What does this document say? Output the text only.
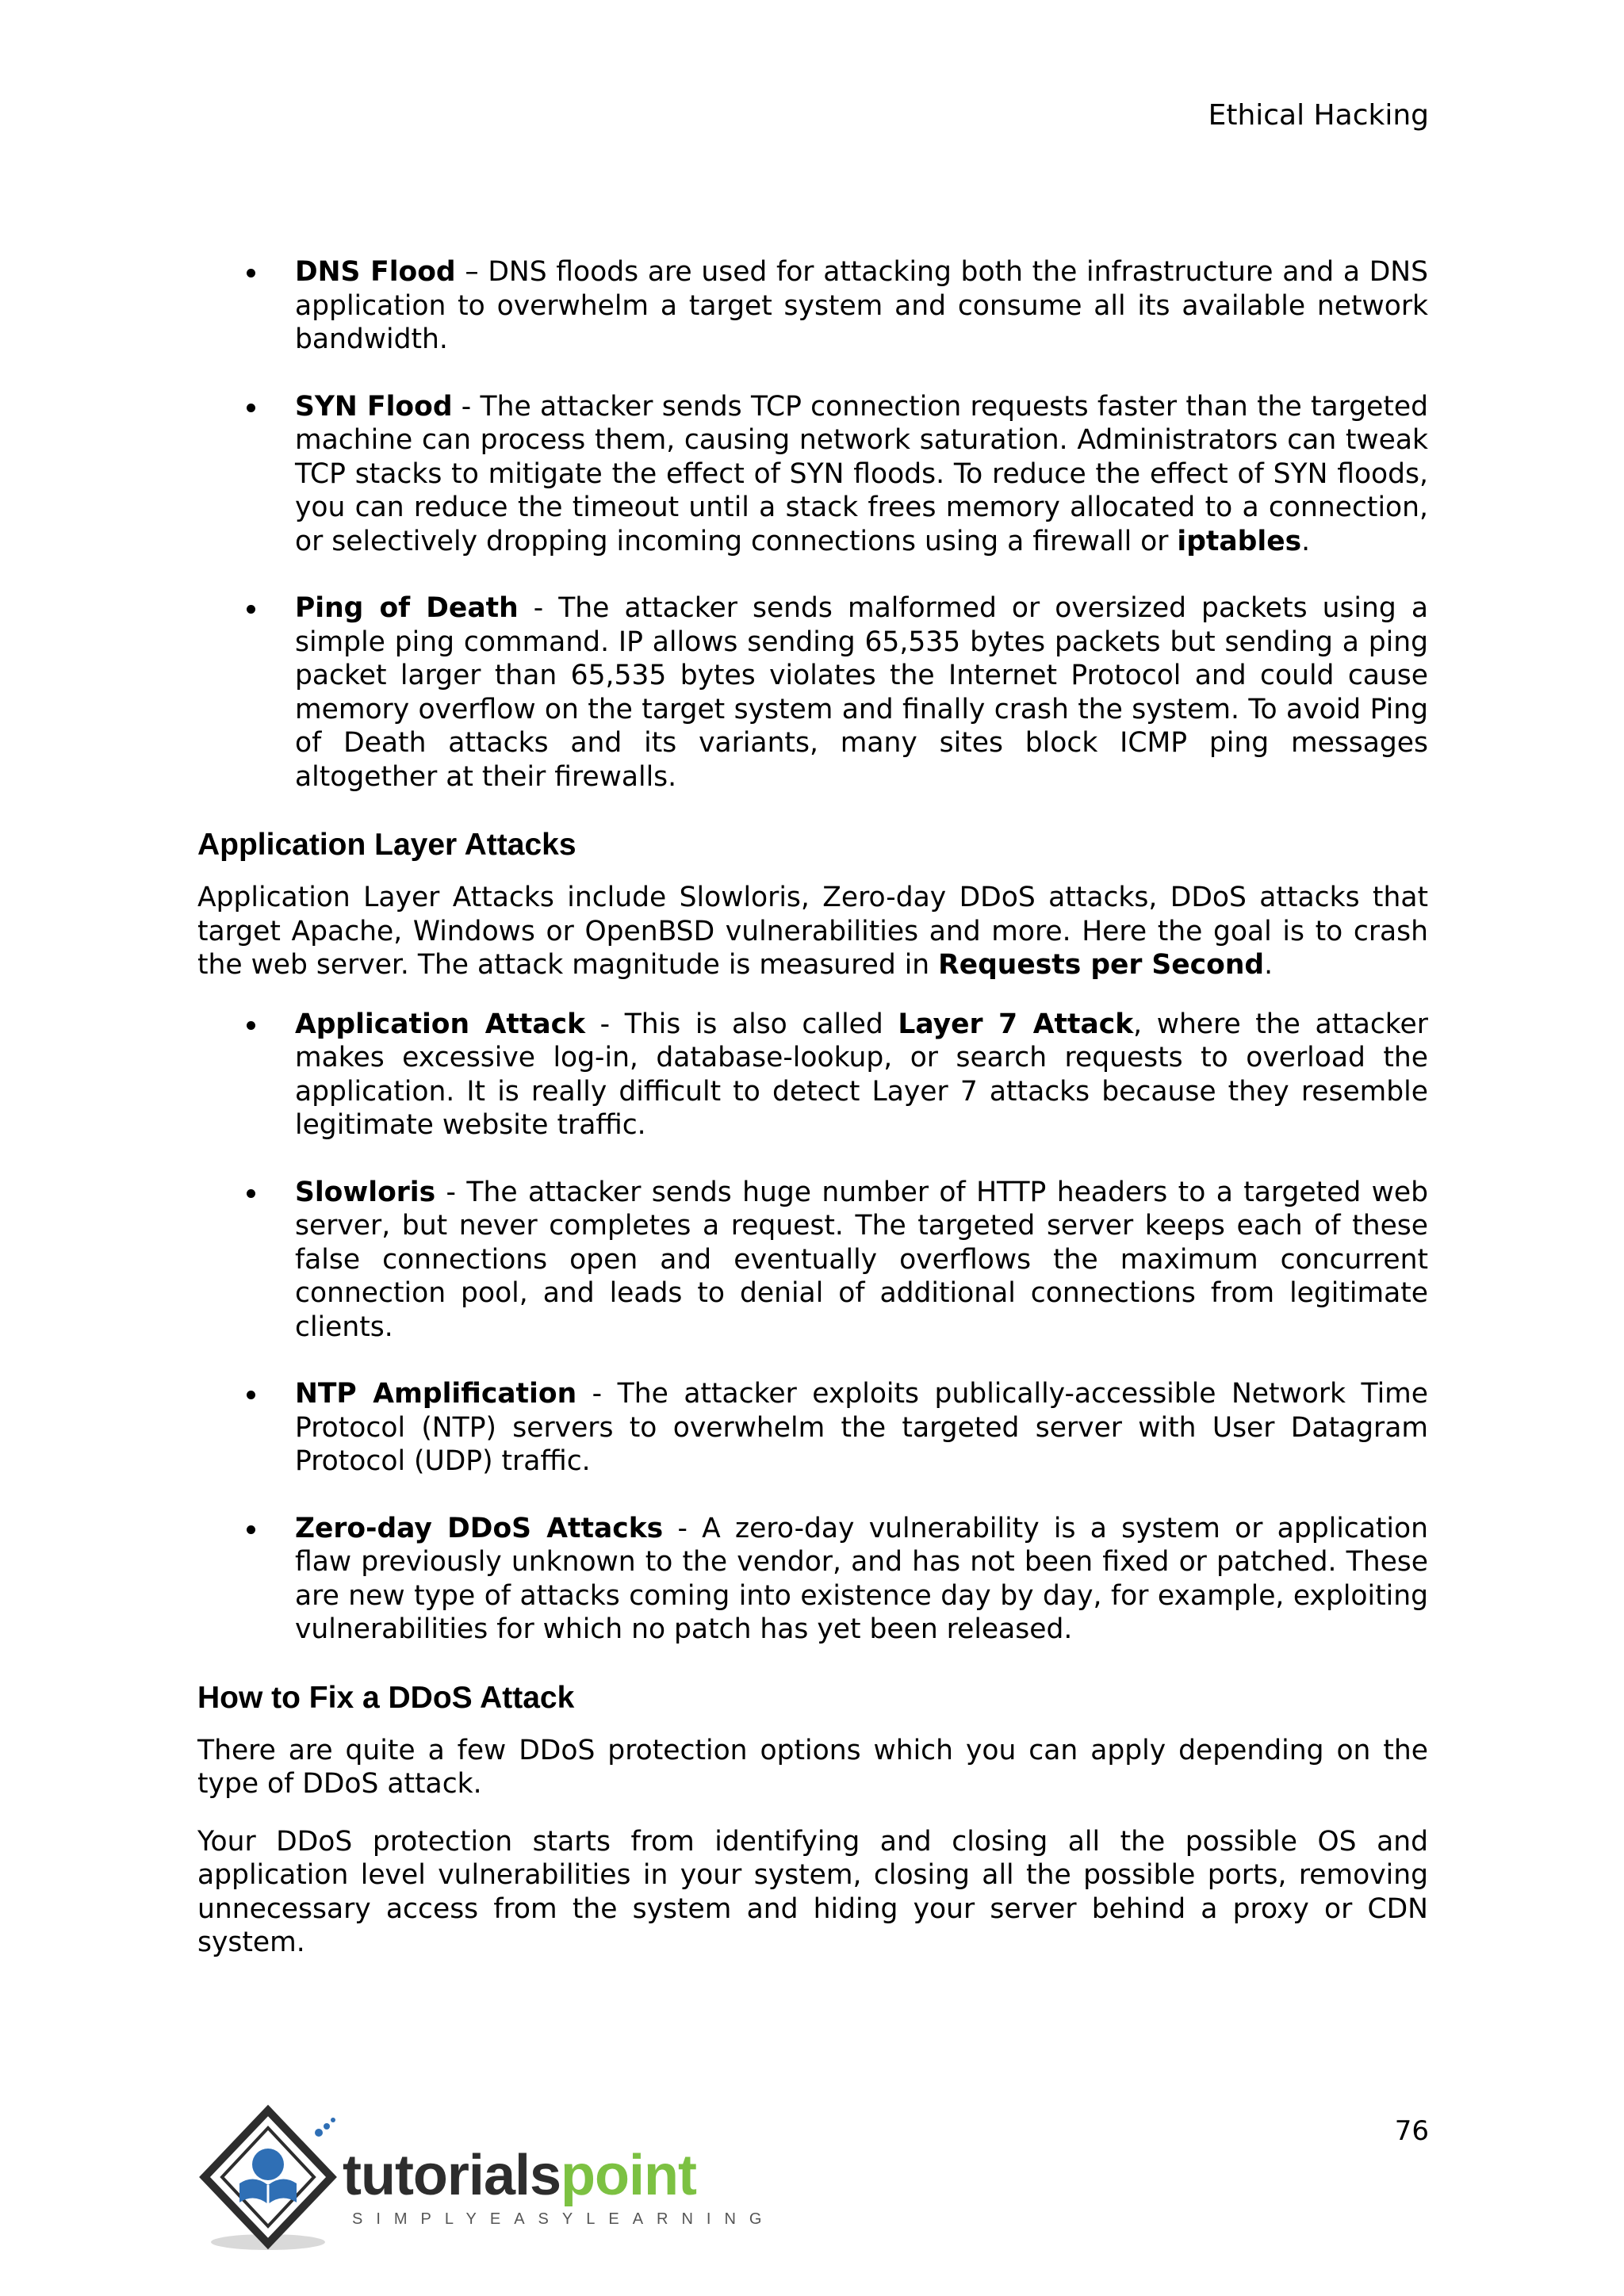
Ethical Hacking
DNS Flood – DNS floods are used for attacking both the infrastructure and a DNS application to overwhelm a target system and consume all its available network bandwidth.
SYN Flood - The attacker sends TCP connection requests faster than the targeted machine can process them, causing network saturation. Administrators can tweak TCP stacks to mitigate the effect of SYN floods. To reduce the effect of SYN floods, you can reduce the timeout until a stack frees memory allocated to a connection, or selectively dropping incoming connections using a firewall or iptables.
Ping of Death - The attacker sends malformed or oversized packets using a simple ping command. IP allows sending 65,535 bytes packets but sending a ping packet larger than 65,535 bytes violates the Internet Protocol and could cause memory overflow on the target system and finally crash the system. To avoid Ping of Death attacks and its variants, many sites block ICMP ping messages altogether at their firewalls.
Application Layer Attacks

Application Layer Attacks include Slowloris, Zero-day DDoS attacks, DDoS attacks that target Apache, Windows or OpenBSD vulnerabilities and more. Here the goal is to crash the web server. The attack magnitude is measured in Requests per Second.

Application Attack - This is also called Layer 7 Attack, where the attacker makes excessive log-in, database-lookup, or search requests to overload the application. It is really difficult to detect Layer 7 attacks because they resemble legitimate website traffic.
Slowloris - The attacker sends huge number of HTTP headers to a targeted web server, but never completes a request. The targeted server keeps each of these false connections open and eventually overflows the maximum concurrent connection pool, and leads to denial of additional connections from legitimate clients.
NTP Amplification - The attacker exploits publically-accessible Network Time Protocol (NTP) servers to overwhelm the targeted server with User Datagram Protocol (UDP) traffic.
Zero-day DDoS Attacks - A zero-day vulnerability is a system or application flaw previously unknown to the vendor, and has not been fixed or patched. These are new type of attacks coming into existence day by day, for example, exploiting vulnerabilities for which no patch has yet been released.
How to Fix a DDoS Attack

There are quite a few DDoS protection options which you can apply depending on the type of DDoS attack.

Your DDoS protection starts from identifying and closing all the possible OS and application level vulnerabilities in your system, closing all the possible ports, removing unnecessary access from the system and hiding your server behind a proxy or CDN system.

76
tutorialspoint
SIMPLYEASYLEARNING
